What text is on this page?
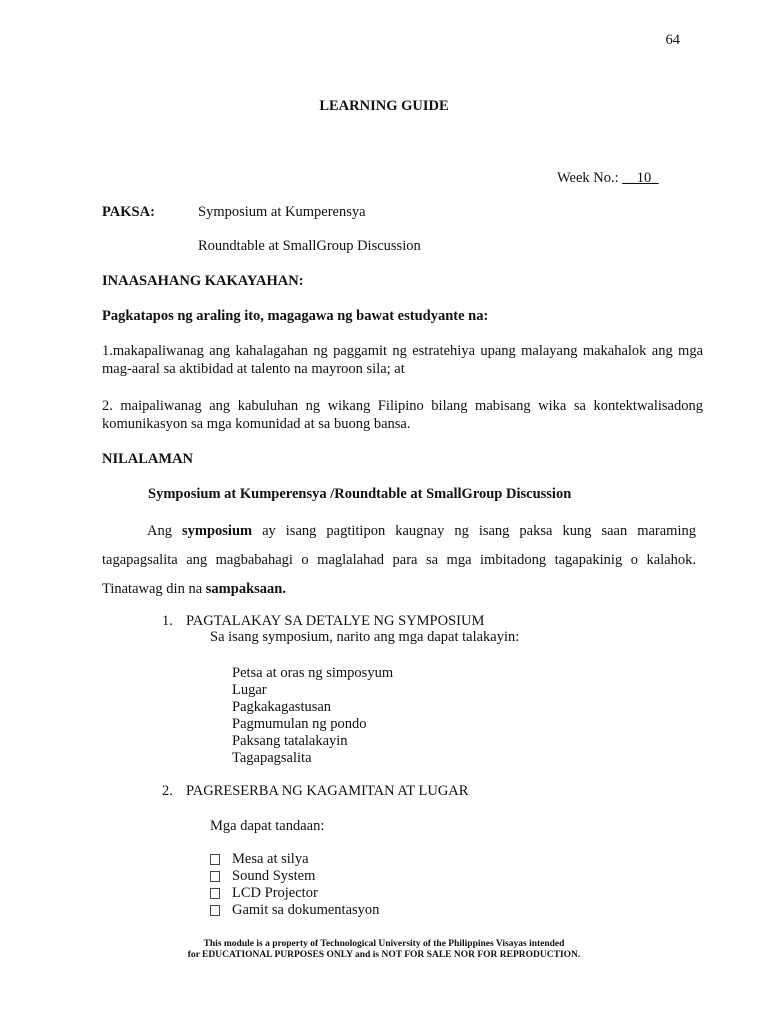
64
LEARNING GUIDE
Week No.: __10_
PAKSA:	Symposium at Kumperensya
Roundtable at SmallGroup Discussion
INAASAHANG KAKAYAHAN:
Pagkatapos ng araling ito, magagawa ng bawat estudyante na:
1.makapaliwanag ang kahalagahan ng paggamit ng estratehiya upang malayang makahalok ang mga mag-aaral sa aktibidad at talento na mayroon sila; at
2. maipaliwanag ang kabuluhan ng wikang Filipino bilang mabisang wika sa kontektwalisadong komunikasyon sa mga komunidad at sa buong bansa.
NILALAMAN
Symposium at Kumperensya /Roundtable at SmallGroup Discussion
Ang symposium ay isang pagtitipon kaugnay ng isang paksa kung saan maraming tagapagsalita ang magbabahagi o maglalahad para sa mga imbitadong tagapakinig o kalahok. Tinatawag din na sampaksaan.
1. PAGTALAKAY SA DETALYE NG SYMPOSIUM
Sa isang symposium, narito ang mga dapat talakayin:
Petsa at oras ng simposyum
Lugar
Pagkakagastusan
Pagmumulan ng pondo
Paksang tatalakayin
Tagapagsalita
2. PAGRESERBA NG KAGAMITAN AT LUGAR
Mga dapat tandaan:
Mesa at silya
Sound System
LCD Projector
Gamit sa dokumentasyon
This module is a property of Technological University of the Philippines Visayas intended
for EDUCATIONAL PURPOSES ONLY and is NOT FOR SALE NOR FOR REPRODUCTION.
